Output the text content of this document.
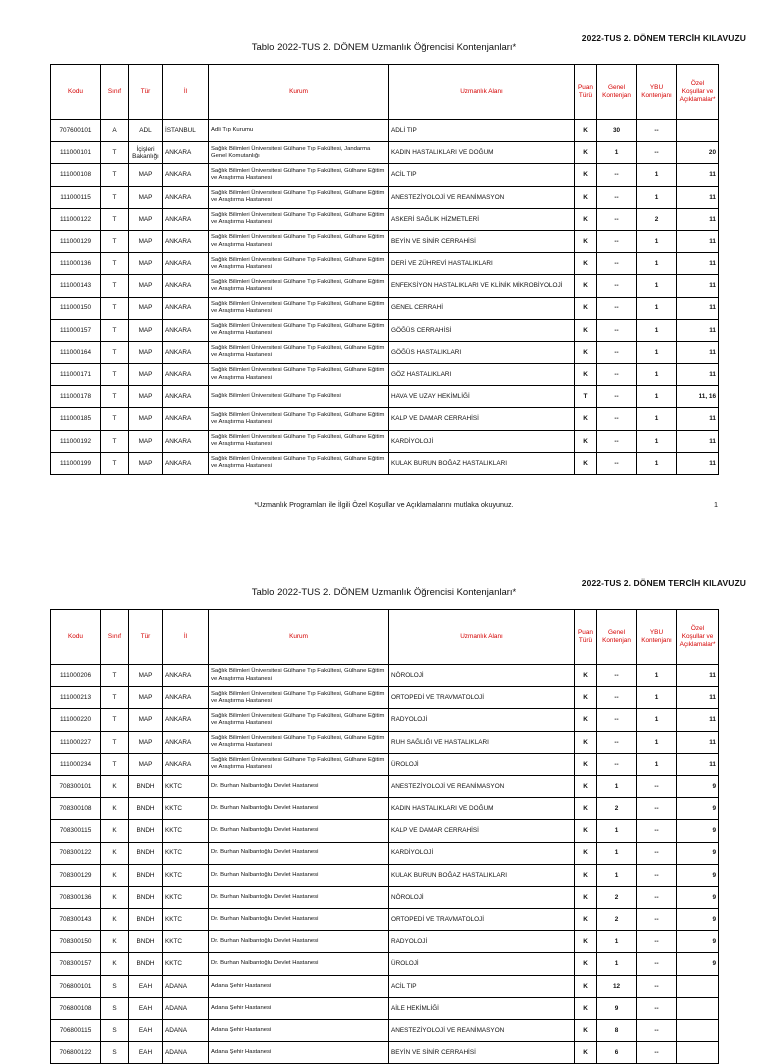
2022-TUS 2. DÖNEM TERCİH KILAVUZU
Tablo 2022-TUS 2. DÖNEM Uzmanlık Öğrencisi Kontenjanları*
Kodu	Sınıf	Tür	İl	Kurum	Uzmanlık Alanı	Puan Türü	Genel Kontenjan	YBU Kontenjanı	Özel Koşullar ve Açıklamalar*
707600101	A	ADL	İSTANBUL	Adli Tıp Kurumu	ADLİ TIP	K	30	--	
111000101	T	İçişleri Bakanlığı	ANKARA	Sağlık Bilimleri Üniversitesi Gülhane Tıp Fakültesi, Jandarma Genel Komutanlığı	KADIN HASTALIKLARI VE DOĞUM	K	1	--	20
111000108	T	MAP	ANKARA	Sağlık Bilimleri Üniversitesi Gülhane Tıp Fakültesi, Gülhane Eğitim ve Araştırma Hastanesi	ACİL TIP	K	--	1	11
111000115	T	MAP	ANKARA	Sağlık Bilimleri Üniversitesi Gülhane Tıp Fakültesi, Gülhane Eğitim ve Araştırma Hastanesi	ANESTEZİYOLOJİ VE REANİMASYON	K	--	1	11
111000122	T	MAP	ANKARA	Sağlık Bilimleri Üniversitesi Gülhane Tıp Fakültesi, Gülhane Eğitim ve Araştırma Hastanesi	ASKERİ SAĞLIK HİZMETLERİ	K	--	2	11
111000129	T	MAP	ANKARA	Sağlık Bilimleri Üniversitesi Gülhane Tıp Fakültesi, Gülhane Eğitim ve Araştırma Hastanesi	BEYİN VE SİNİR CERRAHİSİ	K	--	1	11
111000136	T	MAP	ANKARA	Sağlık Bilimleri Üniversitesi Gülhane Tıp Fakültesi, Gülhane Eğitim ve Araştırma Hastanesi	DERİ VE ZÜHREVİ HASTALIKLARI	K	--	1	11
111000143	T	MAP	ANKARA	Sağlık Bilimleri Üniversitesi Gülhane Tıp Fakültesi, Gülhane Eğitim ve Araştırma Hastanesi	ENFEKSİYON HASTALIKLARI VE KLİNİK MİKROBİYOLOJİ	K	--	1	11
111000150	T	MAP	ANKARA	Sağlık Bilimleri Üniversitesi Gülhane Tıp Fakültesi, Gülhane Eğitim ve Araştırma Hastanesi	GENEL CERRAHİ	K	--	1	11
111000157	T	MAP	ANKARA	Sağlık Bilimleri Üniversitesi Gülhane Tıp Fakültesi, Gülhane Eğitim ve Araştırma Hastanesi	GÖĞÜS CERRAHİSİ	K	--	1	11
111000164	T	MAP	ANKARA	Sağlık Bilimleri Üniversitesi Gülhane Tıp Fakültesi, Gülhane Eğitim ve Araştırma Hastanesi	GÖĞÜS HASTALIKLARI	K	--	1	11
111000171	T	MAP	ANKARA	Sağlık Bilimleri Üniversitesi Gülhane Tıp Fakültesi, Gülhane Eğitim ve Araştırma Hastanesi	GÖZ HASTALIKLARI	K	--	1	11
111000178	T	MAP	ANKARA	Sağlık Bilimleri Üniversitesi Gülhane Tıp Fakültesi	HAVA VE UZAY HEKİMLİĞİ	T	--	1	11, 16
111000185	T	MAP	ANKARA	Sağlık Bilimleri Üniversitesi Gülhane Tıp Fakültesi, Gülhane Eğitim ve Araştırma Hastanesi	KALP VE DAMAR CERRAHİSİ	K	--	1	11
111000192	T	MAP	ANKARA	Sağlık Bilimleri Üniversitesi Gülhane Tıp Fakültesi, Gülhane Eğitim ve Araştırma Hastanesi	KARDİYOLOJİ	K	--	1	11
111000199	T	MAP	ANKARA	Sağlık Bilimleri Üniversitesi Gülhane Tıp Fakültesi, Gülhane Eğitim ve Araştırma Hastanesi	KULAK BURUN BOĞAZ HASTALIKLARI	K	--	1	11
*Uzmanlık Programları ile İlgili Özel Koşullar ve Açıklamalarını mutlaka okuyunuz.	1
2022-TUS 2. DÖNEM TERCİH KILAVUZU
Tablo 2022-TUS 2. DÖNEM Uzmanlık Öğrencisi Kontenjanları*
Kodu	Sınıf	Tür	İl	Kurum	Uzmanlık Alanı	Puan Türü	Genel Kontenjan	YBU Kontenjanı	Özel Koşullar ve Açıklamalar*
111000206	T	MAP	ANKARA	Sağlık Bilimleri Üniversitesi Gülhane Tıp Fakültesi, Gülhane Eğitim ve Araştırma Hastanesi	NÖROLOJİ	K	--	1	11
111000213	T	MAP	ANKARA	Sağlık Bilimleri Üniversitesi Gülhane Tıp Fakültesi, Gülhane Eğitim ve Araştırma Hastanesi	ORTOPEDİ VE TRAVMATOLOJİ	K	--	1	11
111000220	T	MAP	ANKARA	Sağlık Bilimleri Üniversitesi Gülhane Tıp Fakültesi, Gülhane Eğitim ve Araştırma Hastanesi	RADYOLOJİ	K	--	1	11
111000227	T	MAP	ANKARA	Sağlık Bilimleri Üniversitesi Gülhane Tıp Fakültesi, Gülhane Eğitim ve Araştırma Hastanesi	RUH SAĞLIĞI VE HASTALIKLARI	K	--	1	11
111000234	T	MAP	ANKARA	Sağlık Bilimleri Üniversitesi Gülhane Tıp Fakültesi, Gülhane Eğitim ve Araştırma Hastanesi	ÜROLOJİ	K	--	1	11
708300101	K	BNDH	KKTC	Dr. Burhan Nalbantoğlu Devlet Hastanesi	ANESTEZİYOLOJİ VE REANİMASYON	K	1	--	9
708300108	K	BNDH	KKTC	Dr. Burhan Nalbantoğlu Devlet Hastanesi	KADIN HASTALIKLARI VE DOĞUM	K	2	--	9
708300115	K	BNDH	KKTC	Dr. Burhan Nalbantoğlu Devlet Hastanesi	KALP VE DAMAR CERRAHİSİ	K	1	--	9
708300122	K	BNDH	KKTC	Dr. Burhan Nalbantoğlu Devlet Hastanesi	KARDİYOLOJİ	K	1	--	9
708300129	K	BNDH	KKTC	Dr. Burhan Nalbantoğlu Devlet Hastanesi	KULAK BURUN BOĞAZ HASTALIKLARI	K	1	--	9
708300136	K	BNDH	KKTC	Dr. Burhan Nalbantoğlu Devlet Hastanesi	NÖROLOJİ	K	2	--	9
708300143	K	BNDH	KKTC	Dr. Burhan Nalbantoğlu Devlet Hastanesi	ORTOPEDİ VE TRAVMATOLOJİ	K	2	--	9
708300150	K	BNDH	KKTC	Dr. Burhan Nalbantoğlu Devlet Hastanesi	RADYOLOJİ	K	1	--	9
708300157	K	BNDH	KKTC	Dr. Burhan Nalbantoğlu Devlet Hastanesi	ÜROLOJİ	K	1	--	9
706800101	S	EAH	ADANA	Adana Şehir Hastanesi	ACİL TIP	K	12	--	
706800108	S	EAH	ADANA	Adana Şehir Hastanesi	AİLE HEKİMLİĞİ	K	9	--	
706800115	S	EAH	ADANA	Adana Şehir Hastanesi	ANESTEZİYOLOJİ VE REANİMASYON	K	8	--	
706800122	S	EAH	ADANA	Adana Şehir Hastanesi	BEYİN VE SİNİR CERRAHİSİ	K	6	--	
